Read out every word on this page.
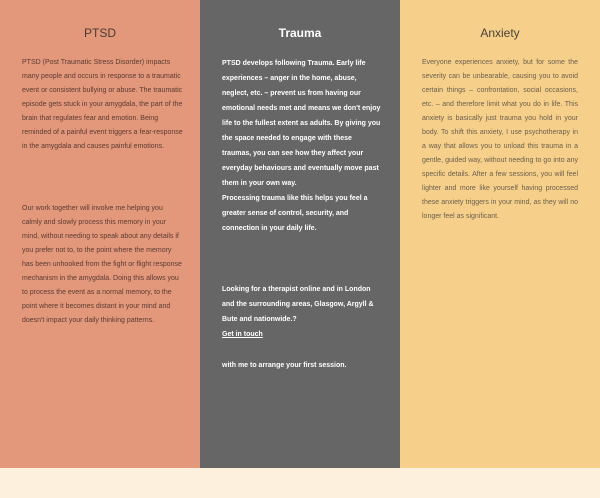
PTSD

PTSD (Post Traumatic Stress Disorder) impacts many people and occurs in response to a traumatic event or consistent bullying or abuse. The traumatic episode gets stuck in your amygdala, the part of the brain that regulates fear and emotion. Being reminded of a painful event triggers a fear-response in the amygdala and causes painful emotions.

Our work together will involve me helping you calmly and slowly process this memory in your mind, without needing to speak about any details if you prefer not to, to the point where the memory has been unhooked from the fight or flight response mechanism in the amygdala. Doing this allows you to process the event as a normal memory, to the point where it becomes distant in your mind and doesn't impact your daily thinking patterns.

Trauma

PTSD develops following Trauma. Early life experiences – anger in the home, abuse, neglect, etc. – prevent us from having our emotional needs met and means we don't enjoy life to the fullest extent as adults. By giving you the space needed to engage with these traumas, you can see how they affect your everyday behaviours and eventually move past them in your own way.

Processing trauma like this helps you feel a greater sense of control, security, and connection in your daily life.

Looking for a therapist online and in London and the surrounding areas, Glasgow, Argyll & Bute and nationwide.?
Get in touch

with me to arrange your first session.

Anxiety

Everyone experiences anxiety, but for some the severity can be unbearable, causing you to avoid certain things – confrontation, social occasions, etc. – and therefore limit what you do in life. This anxiety is basically just trauma you hold in your body. To shift this anxiety, I use psychotherapy in a way that allows you to unload this trauma in a gentle, guided way, without needing to go into any specific details. After a few sessions, you will feel lighter and more like yourself having processed these anxiety triggers in your mind, as they will no longer feel as significant.
